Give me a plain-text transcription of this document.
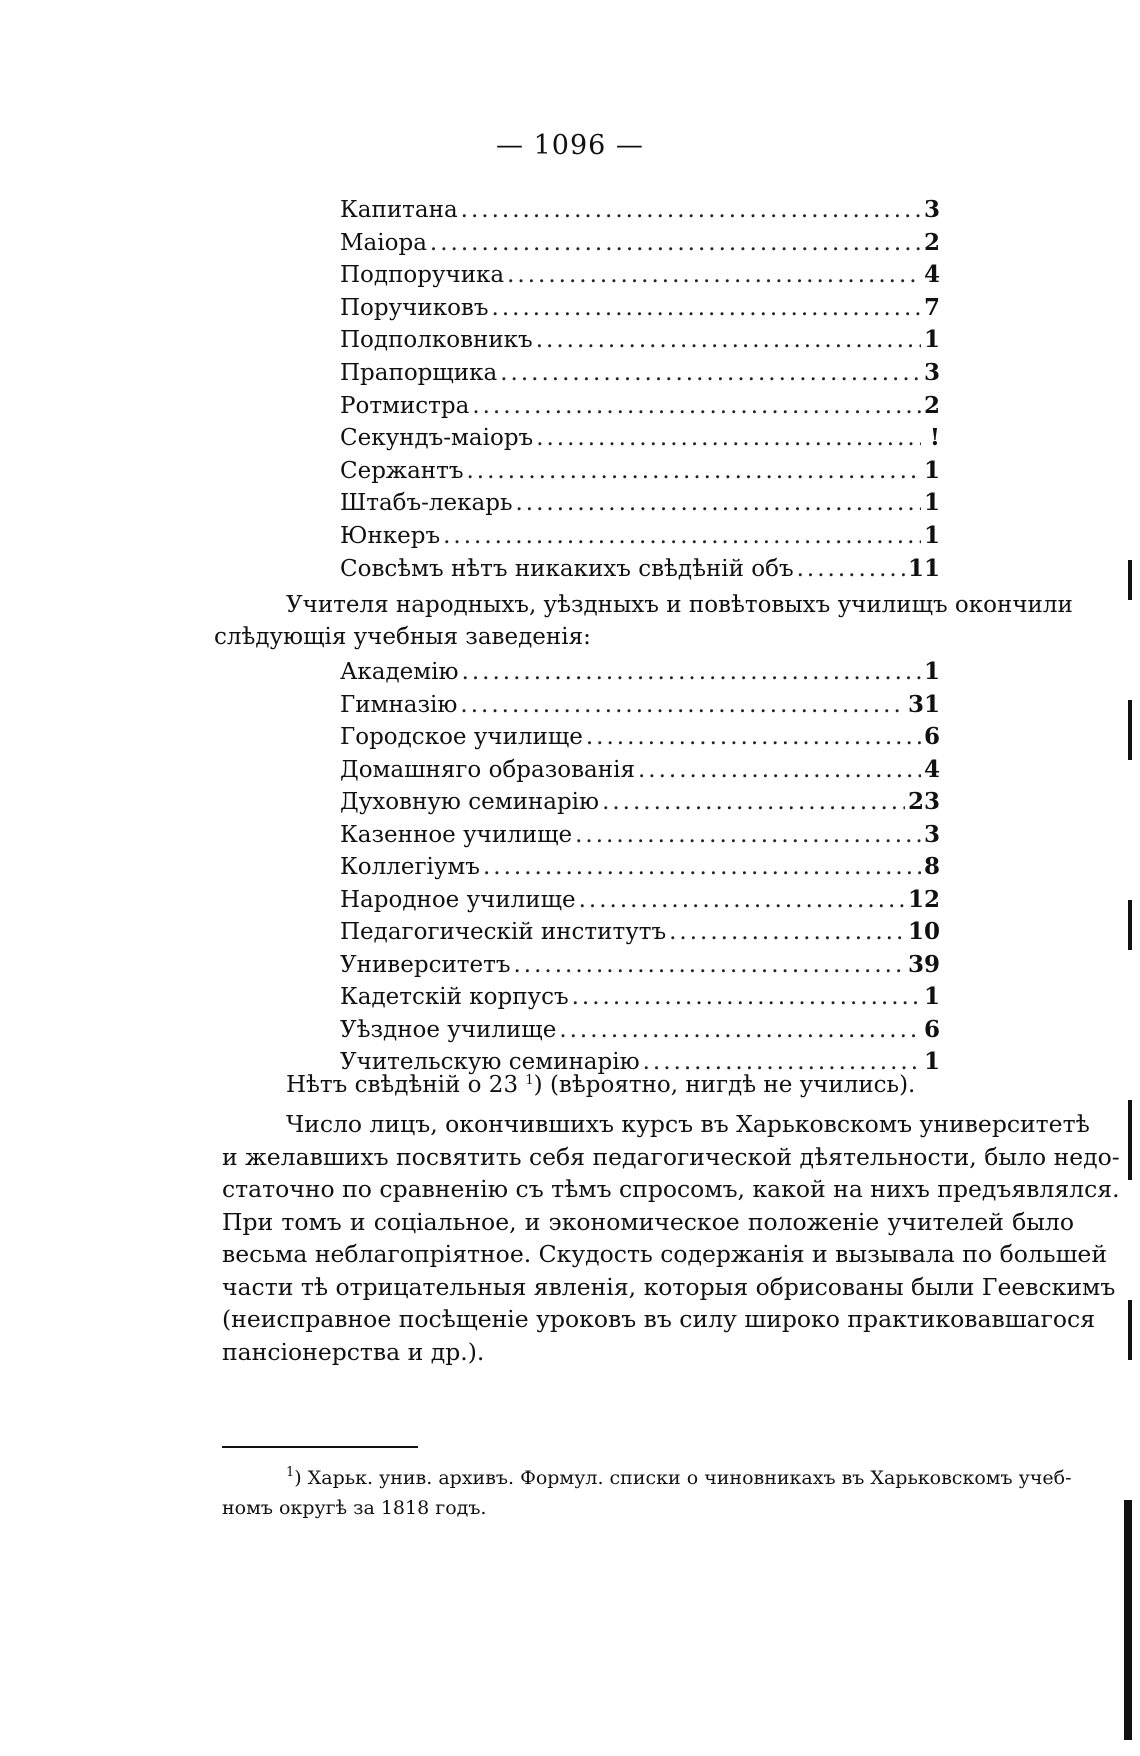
— 1096 —
Капитана .....	3
Маіора .....	2
Подпоручика .....	4
Поручиковъ .....	7
Подполковникъ .....	1
Прапорщика .....	3
Ротмистра .....	2
Секундъ-маіоръ .....	!
Сержантъ .....	1
Штабъ-лекарь .....	1
Юнкеръ .....	1
Совсѣмъ нѣтъ никакихъ свѣдѣній объ .....	11
Учителя народныхъ, уѣздныхъ и повѣтовыхъ училищъ окончили
слѣдующія учебныя заведенія:
Академію .....	1
Гимназію .....	31
Городское училище .....	6
Домашняго образованія .....	4
Духовную семинарію .....	23
Казенное училище .....	3
Коллегіумъ .....	8
Народное училище .....	12
Педагогическій институтъ .....	10
Университетъ .....	39
Кадетскій корпусъ .....	1
Уѣздное училище .....	6
Учительскую семинарію .....	1
Нѣтъ свѣдѣній о 23 $^1$) (вѣроятно, нигдѣ не учились).
Число лицъ, окончившихъ курсъ въ Харьковскомъ университетѣ
и желавшихъ посвятить себя педагогической дѣятельности, было недо-
статочно по сравненію съ тѣмъ спросомъ, какой на нихъ предъявлялся.
При томъ и соціальное, и экономическое положеніе учителей было
весьма неблагопріятное. Скудость содержанія и вызывала по большей
части тѣ отрицательныя явленія, которыя обрисованы были Геевскимъ
(неисправное посѣщеніе уроковъ въ силу широко практиковавшагося
пансіонерства и др.).
$^1$) Харьк. унив. архивъ. Формул. списки о чиновникахъ въ Харьковскомъ учеб-
номъ округѣ за 1818 годъ.
